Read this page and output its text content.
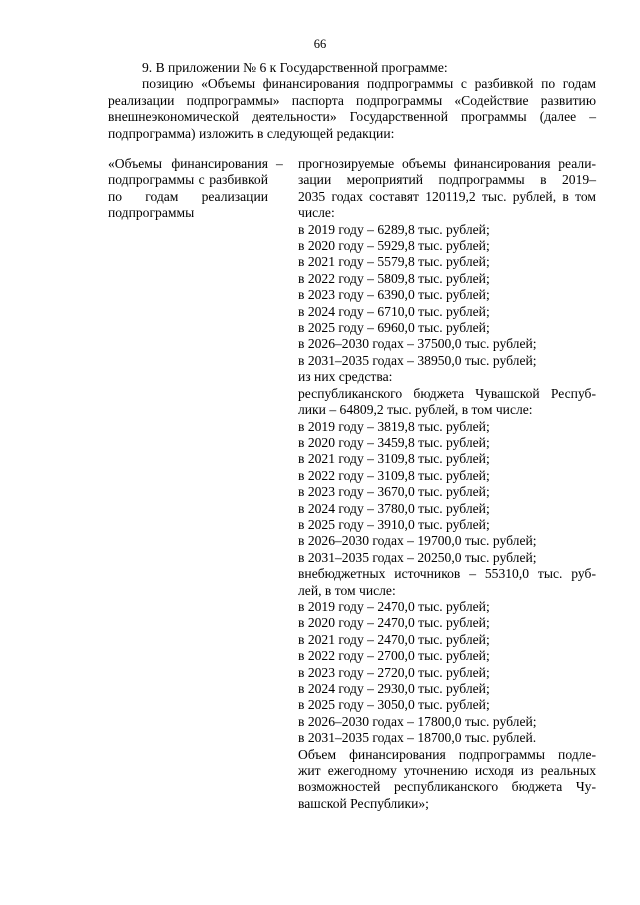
66

9. В приложении № 6 к Государственной программе:

позицию «Объемы финансирования подпрограммы с разбивкой по годам реализации подпрограммы» паспорта подпрограммы «Содействие развитию внешнеэкономической деятельности» Государственной программы (далее – подпрограмма) изложить в следующей редакции:

«Объемы финансирования подпрограммы с разбивкой по годам реализации подпрограммы
–	прогнозируемые объемы финансирования реали-
зации мероприятий подпрограммы в 2019–
2035 годах составят 120119,2 тыс. рублей, в том
числе:
в 2019 году – 6289,8 тыс. рублей;
в 2020 году – 5929,8 тыс. рублей;
в 2021 году – 5579,8 тыс. рублей;
в 2022 году – 5809,8 тыс. рублей;
в 2023 году – 6390,0 тыс. рублей;
в 2024 году – 6710,0 тыс. рублей;
в 2025 году – 6960,0 тыс. рублей;
в 2026–2030 годах – 37500,0 тыс. рублей;
в 2031–2035 годах – 38950,0 тыс. рублей;
из них средства:
республиканского бюджета Чувашской Респуб-
лики – 64809,2 тыс. рублей, в том числе:
в 2019 году – 3819,8 тыс. рублей;
в 2020 году – 3459,8 тыс. рублей;
в 2021 году – 3109,8 тыс. рублей;
в 2022 году – 3109,8 тыс. рублей;
в 2023 году – 3670,0 тыс. рублей;
в 2024 году – 3780,0 тыс. рублей;
в 2025 году – 3910,0 тыс. рублей;
в 2026–2030 годах – 19700,0 тыс. рублей;
в 2031–2035 годах – 20250,0 тыс. рублей;
внебюджетных источников – 55310,0 тыс. руб-
лей, в том числе:
в 2019 году – 2470,0 тыс. рублей;
в 2020 году – 2470,0 тыс. рублей;
в 2021 году – 2470,0 тыс. рублей;
в 2022 году – 2700,0 тыс. рублей;
в 2023 году – 2720,0 тыс. рублей;
в 2024 году – 2930,0 тыс. рублей;
в 2025 году – 3050,0 тыс. рублей;
в 2026–2030 годах – 17800,0 тыс. рублей;
в 2031–2035 годах – 18700,0 тыс. рублей.
Объем финансирования подпрограммы подле-
жит ежегодному уточнению исходя из реальных
возможностей республиканского бюджета Чу-
вашской Республики»;
